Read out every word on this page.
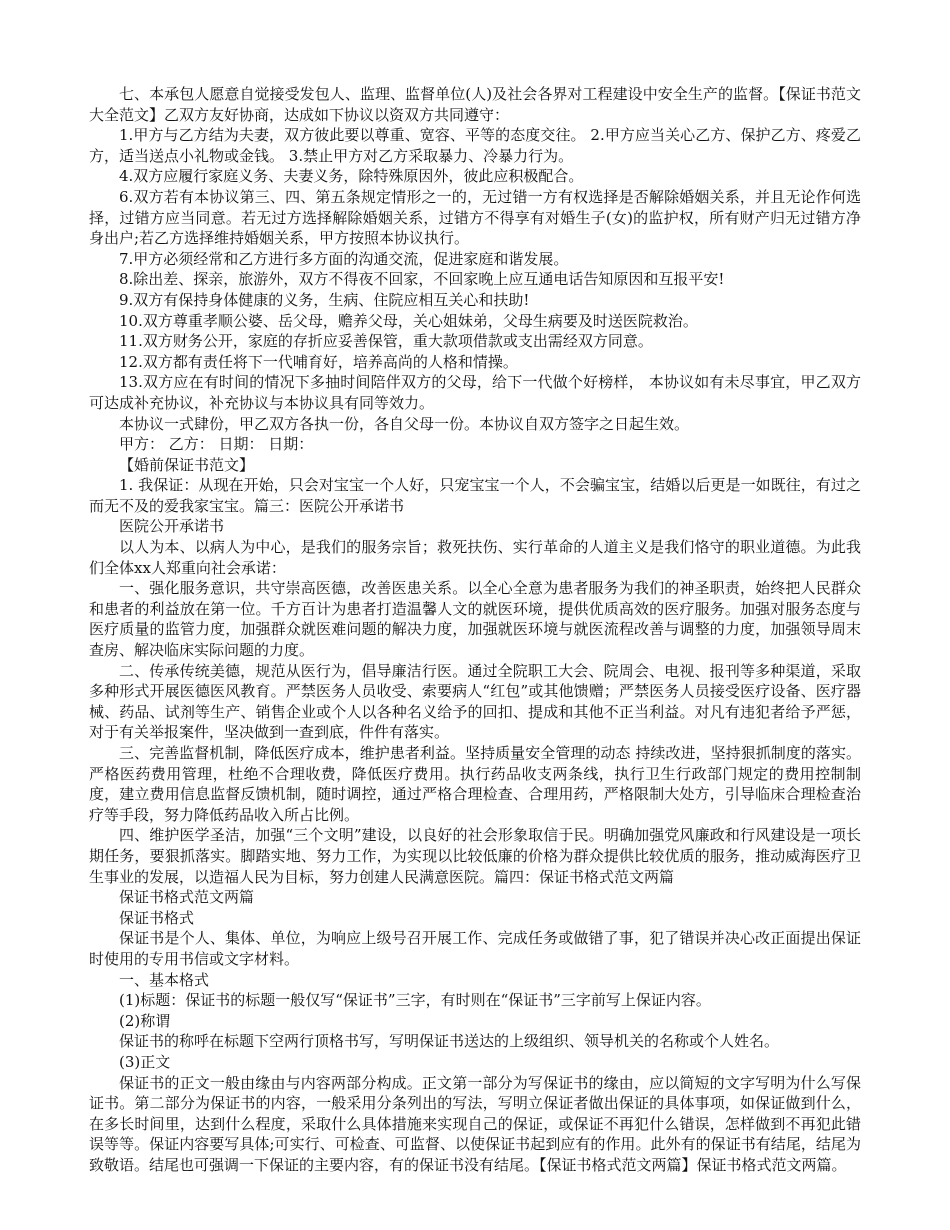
七、本承包人愿意自觉接受发包人、监理、监督单位(人)及社会各界对工程建设中安全生产的监督。【保证书范文大全范文】乙双方友好协商，达成如下协议以资双方共同遵守：

1.甲方与乙方结为夫妻，双方彼此要以尊重、宽容、平等的态度交往。 2.甲方应当关心乙方、保护乙方、疼爱乙方，适当送点小礼物或金钱。 3.禁止甲方对乙方采取暴力、冷暴力行为。

4.双方应履行家庭义务、夫妻义务，除特殊原因外，彼此应积极配合。

6.双方若有本协议第三、四、第五条规定情形之一的，无过错一方有权选择是否解除婚姻关系，并且无论作何选择，过错方应当同意。若无过方选择解除婚姻关系，过错方不得享有对婚生子(女)的监护权，所有财产归无过错方净身出户;若乙方选择维持婚姻关系，甲方按照本协议执行。

7.甲方必须经常和乙方进行多方面的沟通交流，促进家庭和谐发展。

8.除出差、探亲，旅游外，双方不得夜不回家，不回家晚上应互通电话告知原因和互报平安!

9.双方有保持身体健康的义务，生病、住院应相互关心和扶助!

10.双方尊重孝顺公婆、岳父母，赡养父母，关心姐妹弟，父母生病要及时送医院救治。

11.双方财务公开，家庭的存折应妥善保管，重大款项借款或支出需经双方同意。

12.双方都有责任将下一代哺育好，培养高尚的人格和情操。

13.双方应在有时间的情况下多抽时间陪伴双方的父母，给下一代做个好榜样， 本协议如有未尽事宜，甲乙双方可达成补充协议，补充协议与本协议具有同等效力。

本协议一式肆份，甲乙双方各执一份，各自父母一份。本协议自双方签字之日起生效。

甲方： 乙方： 日期： 日期：

【婚前保证书范文】

1. 我保证：从现在开始，只会对宝宝一个人好，只宠宝宝一个人，不会骗宝宝，结婚以后更是一如既往，有过之而无不及的爱我家宝宝。篇三：医院公开承诺书

医院公开承诺书

以人为本、以病人为中心，是我们的服务宗旨；救死扶伤、实行革命的人道主义是我们恪守的职业道德。为此我们全体xx人郑重向社会承诺：

一、强化服务意识，共守崇高医德，改善医患关系。以全心全意为患者服务为我们的神圣职责，始终把人民群众和患者的利益放在第一位。千方百计为患者打造温馨人文的就医环境，提供优质高效的医疗服务。加强对服务态度与医疗质量的监管力度，加强群众就医难问题的解决力度，加强就医环境与就医流程改善与调整的力度，加强领导周末查房、解决临床实际问题的力度。

二、传承传统美德，规范从医行为，倡导廉洁行医。通过全院职工大会、院周会、电视、报刊等多种渠道，采取多种形式开展医德医风教育。严禁医务人员收受、索要病人“红包”或其他馈赠；严禁医务人员接受医疗设备、医疗器械、药品、试剂等生产、销售企业或个人以各种名义给予的回扣、提成和其他不正当利益。对凡有违犯者给予严惩，对于有关举报案件，坚决做到一查到底，件件有落实。

三、完善监督机制，降低医疗成本，维护患者利益。坚持质量安全管理的动态 持续改进，坚持狠抓制度的落实。严格医药费用管理，杜绝不合理收费，降低医疗费用。执行药品收支两条线，执行卫生行政部门规定的费用控制制度，建立费用信息监督反馈机制，随时调控，通过严格合理检查、合理用药，严格限制大处方，引导临床合理检查治疗等手段，努力降低药品收入所占比例。

四、维护医学圣洁，加强“三个文明”建设，以良好的社会形象取信于民。明确加强党风廉政和行风建设是一项长期任务，要狠抓落实。脚踏实地、努力工作，为实现以比较低廉的价格为群众提供比较优质的服务，推动威海医疗卫生事业的发展，以造福人民为目标，努力创建人民满意医院。篇四：保证书格式范文两篇

保证书格式范文两篇

保证书格式

保证书是个人、集体、单位，为响应上级号召开展工作、完成任务或做错了事，犯了错误并决心改正面提出保证时使用的专用书信或文字材料。

一、基本格式

(1)标题：保证书的标题一般仅写“保证书”三字，有时则在“保证书”三字前写上保证内容。

(2)称谓

保证书的称呼在标题下空两行顶格书写，写明保证书送达的上级组织、领导机关的名称或个人姓名。

(3)正文

保证书的正文一般由缘由与内容两部分构成。正文第一部分为写保证书的缘由，应以简短的文字写明为什么写保证书。第二部分为保证书的内容，一般采用分条列出的写法，写明立保证者做出保证的具体事项，如保证做到什么，在多长时间里，达到什么程度，采取什么具体措施来实现自己的保证，或保证不再犯什么错误，怎样做到不再犯此错误等等。保证内容要写具体;可实行、可检查、可监督、以使保证书起到应有的作用。此外有的保证书有结尾，结尾为致敬语。结尾也可强调一下保证的主要内容，有的保证书没有结尾。【保证书格式范文两篇】保证书格式范文两篇。
